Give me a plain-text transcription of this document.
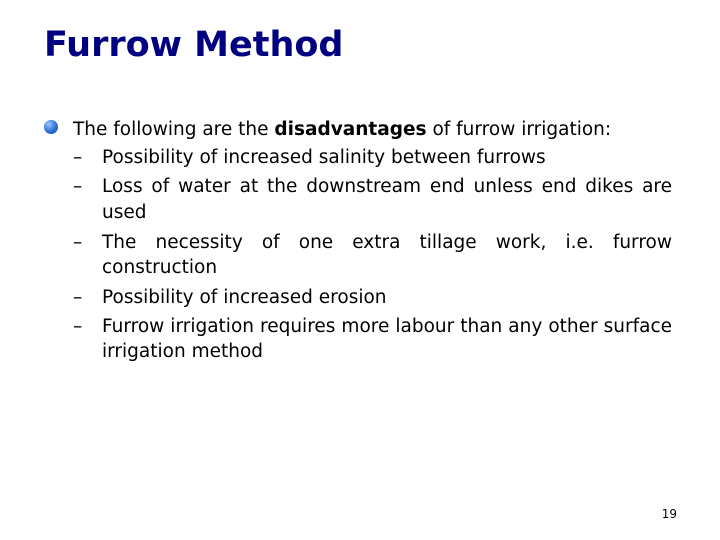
Furrow Method
The following are the disadvantages of furrow irrigation:
– Possibility of increased salinity between furrows
– Loss of water at the downstream end unless end dikes are used
– The necessity of one extra tillage work, i.e. furrow construction
– Possibility of increased erosion
– Furrow irrigation requires more labour than any other surface irrigation method
19
